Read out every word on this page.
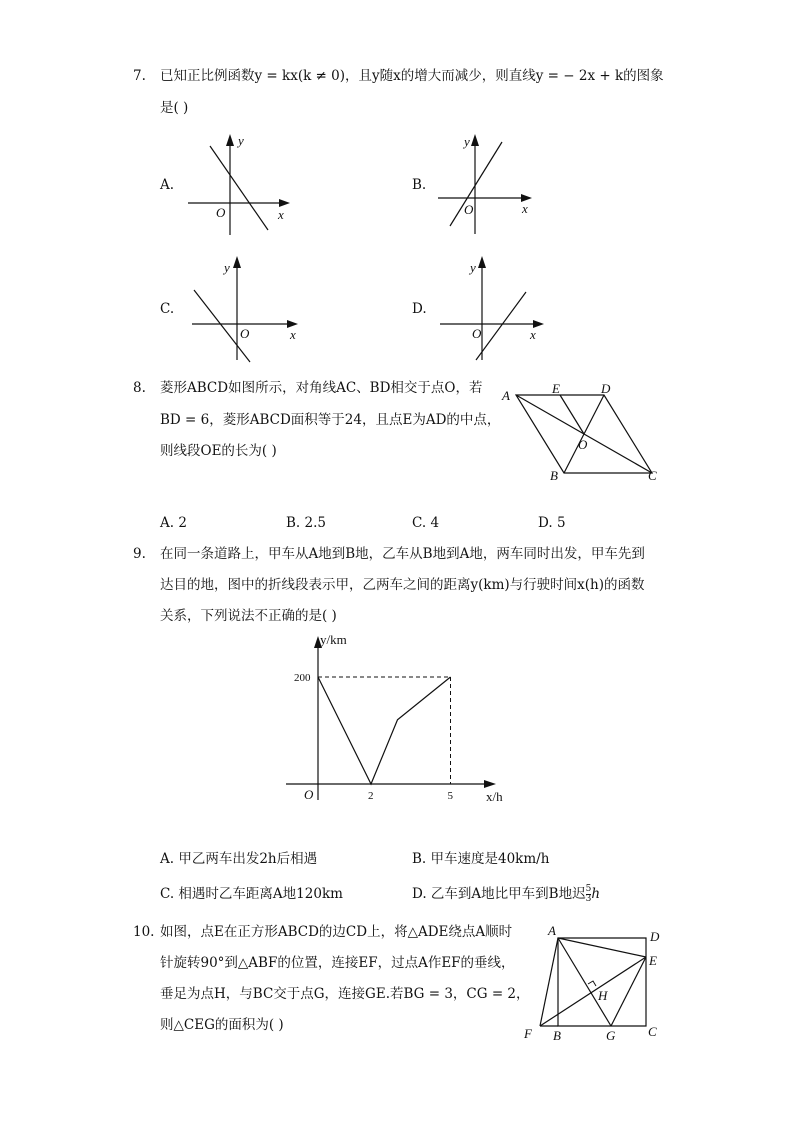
7. 已知正比例函数y = kx(k ≠ 0)，且y随x的增大而减少，则直线y = − 2x + k的图象
是( )
A.
y
x
O
B.
y
x
O
C.
y
x
O
D.
y
x
O
8. 菱形ABCD如图所示，对角线AC、BD相交于点O，若
BD = 6，菱形ABCD面积等于24，且点E为AD的中点，
则线段OE的长为( )
A	E	D
O
B	C
A. 2	B. 2.5	C. 4	D. 5
9. 在同一条道路上，甲车从A地到B地，乙车从B地到A地，两车同时出发，甲车先到
达目的地，图中的折线段表示甲，乙两车之间的距离y(km)与行驶时间x(h)的函数
关系，下列说法不正确的是( )
2	5
200
y/km
x/h
O
A. 甲乙两车出发2h后相遇	B. 甲车速度是40km/h
C. 相遇时乙车距离A地120km	D. 乙车到A地比甲车到B地迟 $\frac{5}{3}$ h
10. 如图，点E在正方形ABCD的边CD上，将△ADE绕点A顺时
针旋转90°到△ABF的位置，连接EF，过点A作EF的垂线，
垂足为点H，与BC交于点G，连接GE.若BG = 3，CG = 2，
则△CEG的面积为( )
A	D
E
H
F B	G	C
